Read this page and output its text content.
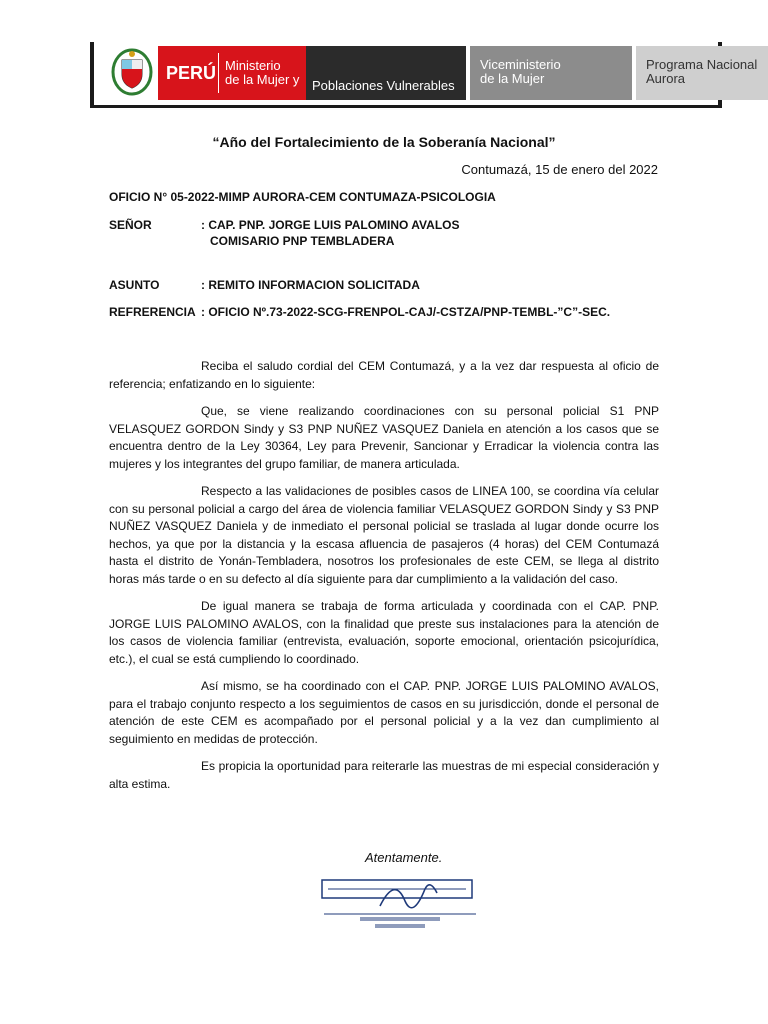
PERÚ Ministerio
de la Mujer y Poblaciones Vulnerables
Viceministerio
de la Mujer
Programa Nacional
Aurora
“Año del Fortalecimiento de la Soberanía Nacional”
Contumazá, 15 de enero del 2022
OFICIO N° 05-2022-MIMP AURORA-CEM CONTUMAZA-PSICOLOGIA
SEÑOR	: CAP. PNP. JORGE LUIS PALOMINO AVALOS
COMISARIO PNP TEMBLADERA
ASUNTO	: REMITO INFORMACION SOLICITADA
REFRERENCIA : OFICIO Nº.73-2022-SCG-FRENPOL-CAJ/-CSTZA/PNP-TEMBL-”C”-SEC.

Reciba el saludo cordial del CEM Contumazá, y a la vez dar respuesta al oficio de referencia; enfatizando en lo siguiente:

Que, se viene realizando coordinaciones con su personal policial S1 PNP VELASQUEZ GORDON Sindy y S3 PNP NUÑEZ VASQUEZ Daniela en atención a los casos que se encuentra dentro de la Ley 30364, Ley para Prevenir, Sancionar y Erradicar la violencia contra las mujeres y los integrantes del grupo familiar, de manera articulada.

Respecto a las validaciones de posibles casos de LINEA 100, se coordina vía celular con su personal policial a cargo del área de violencia familiar VELASQUEZ GORDON Sindy y S3 PNP NUÑEZ VASQUEZ Daniela y de inmediato el personal policial se traslada al lugar donde ocurre los hechos, ya que por la distancia y la escasa afluencia de pasajeros (4 horas) del CEM Contumazá hasta el distrito de Yonán-Tembladera, nosotros los profesionales de este CEM, se llega al distrito horas más tarde o en su defecto al día siguiente para dar cumplimiento a la validación del caso.

De igual manera se trabaja de forma articulada y coordinada con el CAP. PNP. JORGE LUIS PALOMINO AVALOS, con la finalidad que preste sus instalaciones para la atención de los casos de violencia familiar (entrevista, evaluación, soporte emocional, orientación psicojurídica, etc.), el cual se está cumpliendo lo coordinado.

Así mismo, se ha coordinado con el CAP. PNP. JORGE LUIS PALOMINO AVALOS, para el trabajo conjunto respecto a los seguimientos de casos en su jurisdicción, donde el personal de atención de este CEM es acompañado por el personal policial y a la vez dan cumplimiento al seguimiento en medidas de protección.

Es propicia la oportunidad para reiterarle las muestras de mi especial consideración y alta estima.

Atentamente.
